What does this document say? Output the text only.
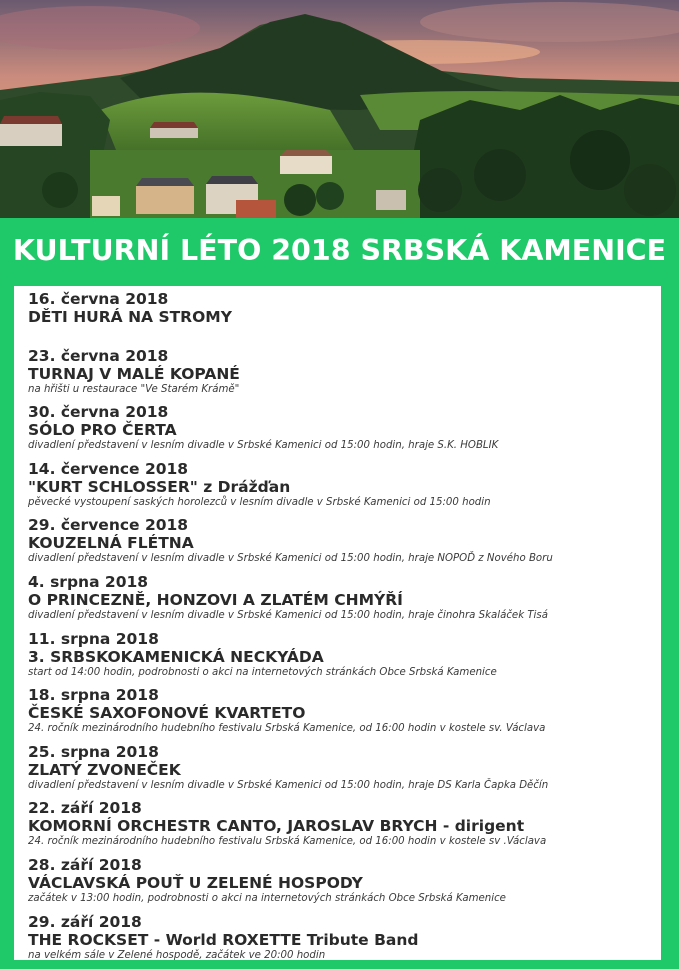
KULTURNÍ LÉTO 2018 SRBSKÁ KAMENICE
16. června 2018
DĚTI HURÁ NA STROMY
23. června 2018
TURNAJ V MALÉ KOPANÉ
na hřišti u restaurace "Ve Starém Krámě"
30. června 2018
SÓLO PRO ČERTA
divadlení představení v lesním divadle v Srbské Kamenici od 15:00 hodin, hraje S.K. HOBLIK
14. července 2018
"KURT SCHLOSSER" z Drážďan
pěvecké vystoupení saských horolezců v lesním divadle v Srbské Kamenici od 15:00 hodin
29. července 2018
KOUZELNÁ FLÉTNA
divadlení představení v lesním divadle v Srbské Kamenici od 15:00 hodin, hraje NOPOĎ z Nového Boru
4. srpna 2018
O PRINCEZNĚ, HONZOVI A ZLATÉM CHMÝŘÍ
divadlení představení v lesním divadle v Srbské Kamenici od 15:00 hodin, hraje činohra Skaláček Tisá
11. srpna 2018
3. SRBSKOKAMENICKÁ NECKYÁDA
start od 14:00 hodin, podrobnosti o akci na internetových stránkách Obce Srbská Kamenice
18. srpna 2018
ČESKÉ SAXOFONOVÉ KVARTETO
24. ročník mezinárodního hudebního festivalu Srbská Kamenice, od 16:00 hodin v kostele sv. Václava
25. srpna 2018
ZLATÝ ZVONEČEK
divadlení představení v lesním divadle v Srbské Kamenici od 15:00 hodin, hraje DS Karla Čapka Děčín
22. září 2018
KOMORNÍ ORCHESTR CANTO, JAROSLAV BRYCH - dirigent
24. ročník mezinárodního hudebního festivalu Srbská Kamenice, od 16:00 hodin v kostele sv .Václava
28. září 2018
VÁCLAVSKÁ POUŤ U ZELENÉ HOSPODY
začátek v 13:00 hodin, podrobnosti o akci na internetových stránkách Obce Srbská Kamenice
29. září 2018
THE ROCKSET - World ROXETTE Tribute Band
na velkém sále v Zelené hospodě, začátek ve 20:00 hodin
